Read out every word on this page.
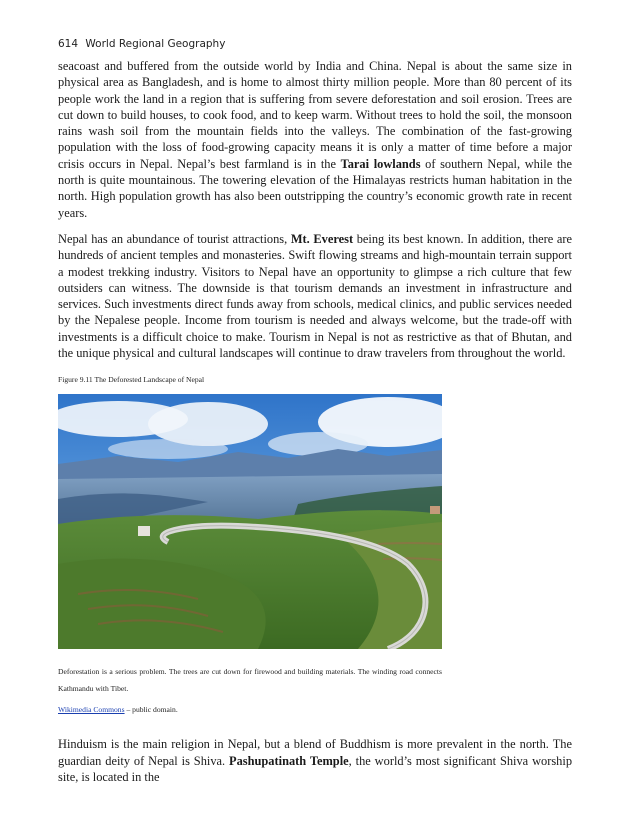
614 World Regional Geography

seacoast and buffered from the outside world by India and China. Nepal is about the same size in physical area as Bangladesh, and is home to almost thirty million people. More than 80 percent of its people work the land in a region that is suffering from severe deforestation and soil erosion. Trees are cut down to build houses, to cook food, and to keep warm. Without trees to hold the soil, the monsoon rains wash soil from the mountain fields into the valleys. The combination of the fast-growing population with the loss of food-growing capacity means it is only a matter of time before a major crisis occurs in Nepal. Nepal’s best farmland is in the Tarai lowlands of southern Nepal, while the north is quite mountainous. The towering elevation of the Himalayas restricts human habitation in the north. High population growth has also been outstripping the country’s economic growth rate in recent years.

Nepal has an abundance of tourist attractions, Mt. Everest being its best known. In addition, there are hundreds of ancient temples and monasteries. Swift flowing streams and high-mountain terrain support a modest trekking industry. Visitors to Nepal have an opportunity to glimpse a rich culture that few outsiders can witness. The downside is that tourism demands an investment in infrastructure and services. Such investments direct funds away from schools, medical clinics, and public services needed by the Nepalese people. Income from tourism is needed and always welcome, but the trade-off with investments is a difficult choice to make. Tourism in Nepal is not as restrictive as that of Bhutan, and the unique physical and cultural landscapes will continue to draw travelers from throughout the world.

Figure 9.11 The Deforested Landscape of Nepal
Deforestation is a serious problem. The trees are cut down for firewood and building materials. The winding road connects Kathmandu with Tibet.
Wikimedia Commons – public domain.

Hinduism is the main religion in Nepal, but a blend of Buddhism is more prevalent in the north. The guardian deity of Nepal is Shiva. Pashupatinath Temple, the world’s most significant Shiva worship site, is located in the
